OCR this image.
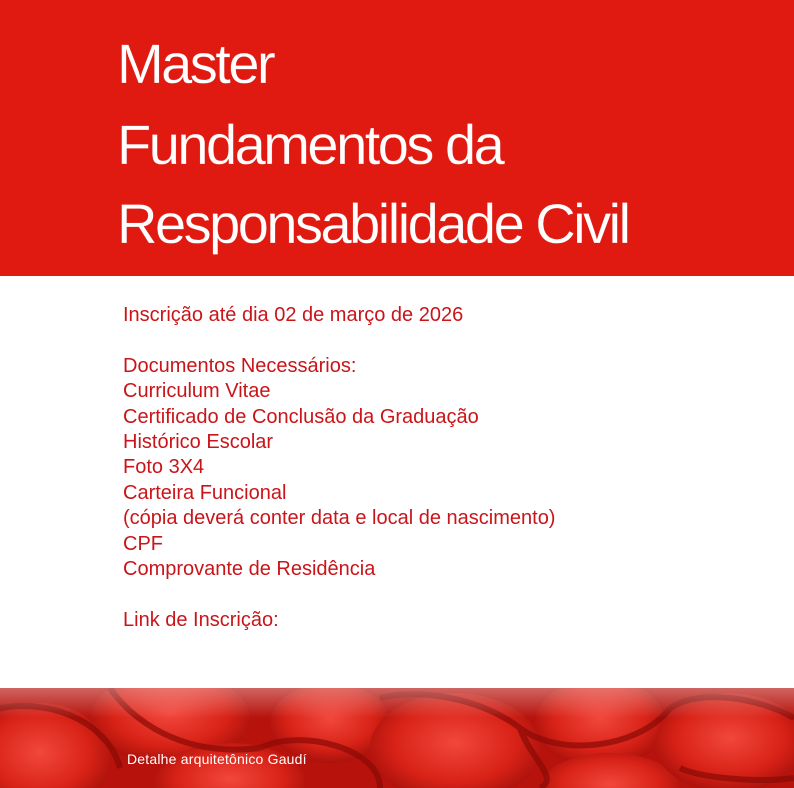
Master
Fundamentos da
Responsabilidade Civil
Inscrição até dia 02 de março de 2026
Documentos Necessários:
Curriculum Vitae
Certificado de Conclusão da Graduação
Histórico Escolar
Foto 3X4
Carteira Funcional
(cópia deverá conter data e local de nascimento)
CPF
Comprovante de Residência
Link de Inscrição:
Detalhe arquitetônico Gaudí
